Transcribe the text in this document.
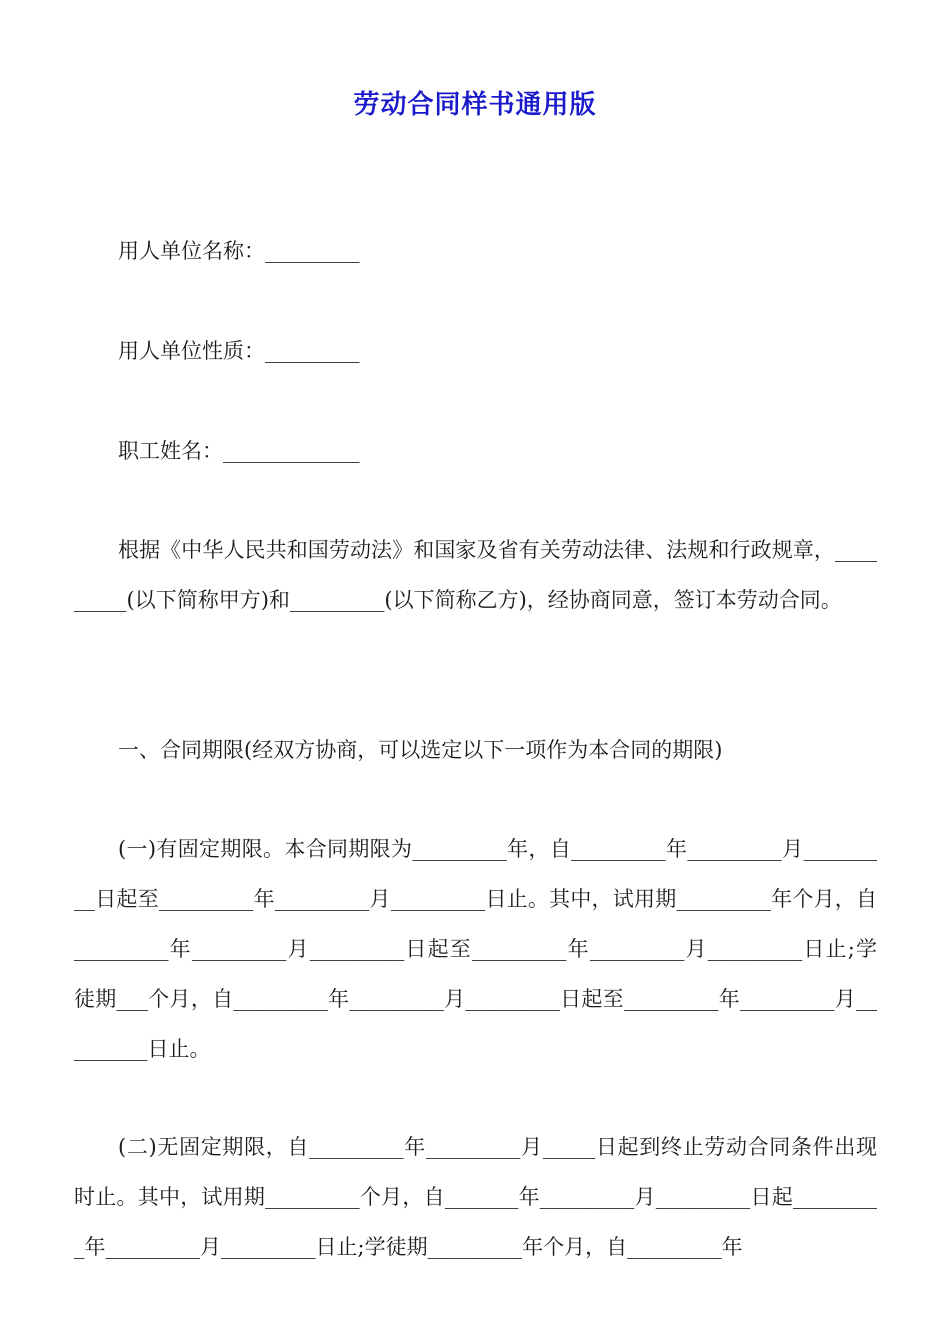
劳动合同样书通用版
用人单位名称：_________
用人单位性质：_________
职工姓名：_____________
根据《中华人民共和国劳动法》和国家及省有关劳动法律、法规和行政规章，_________(以下简称甲方)和_________(以下简称乙方)，经协商同意，签订本劳动合同。
一、合同期限(经双方协商，可以选定以下一项作为本合同的期限)
(一)有固定期限。本合同期限为_________年，自_________年_________月_________日起至_________年_________月_________日止。其中，试用期_________年个月，自_________年_________月_________日起至_________年_________月_________日止;学徒期___个月，自_________年_________月_________日起至_________年_________月_________日止。
(二)无固定期限，自_________年_________月_____日起到终止劳动合同条件出现时止。其中，试用期_________个月，自_______年_________月_________日起_________年_________月_________日止;学徒期_________年个月，自_________年
